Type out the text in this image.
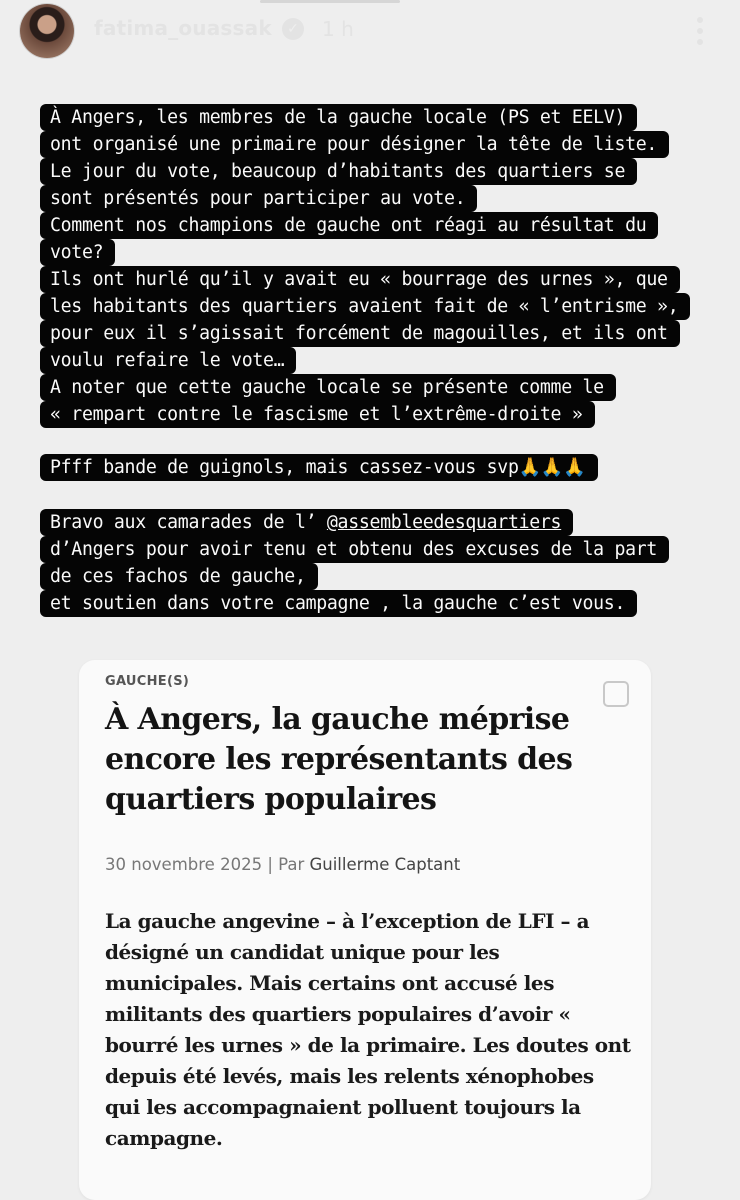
fatima_ouassak	✓ 1 h
À Angers, les membres de la gauche locale (PS et EELV)
ont organisé une primaire pour désigner la tête de liste.
Le jour du vote, beaucoup d’habitants des quartiers se
sont présentés pour participer au vote.
Comment nos champions de gauche ont réagi au résultat du
vote?
Ils ont hurlé qu’il y avait eu « bourrage des urnes », que
les habitants des quartiers avaient fait de « l’entrisme »,
pour eux il s’agissait forcément de magouilles, et ils ont
voulu refaire le vote…
A noter que cette gauche locale se présente comme le
« rempart contre le fascisme et l’extrême-droite »
Pfff bande de guignols, mais cassez-vous svp🙏🙏🙏
Bravo aux camarades de l’ @assembleedesquartiers
d’Angers pour avoir tenu et obtenu des excuses de la part
de ces fachos de gauche,
et soutien dans votre campagne , la gauche c’est vous.
GAUCHE(S)
À Angers, la gauche méprise encore les représentants des quartiers populaires
30 novembre 2025 | Par Guillerme Captant
La gauche angevine – à l’exception de LFI – a désigné un candidat unique pour les municipales. Mais certains ont accusé les militants des quartiers populaires d’avoir « bourré les urnes » de la primaire. Les doutes ont depuis été levés, mais les relents xénophobes qui les accompagnaient polluent toujours la campagne.
